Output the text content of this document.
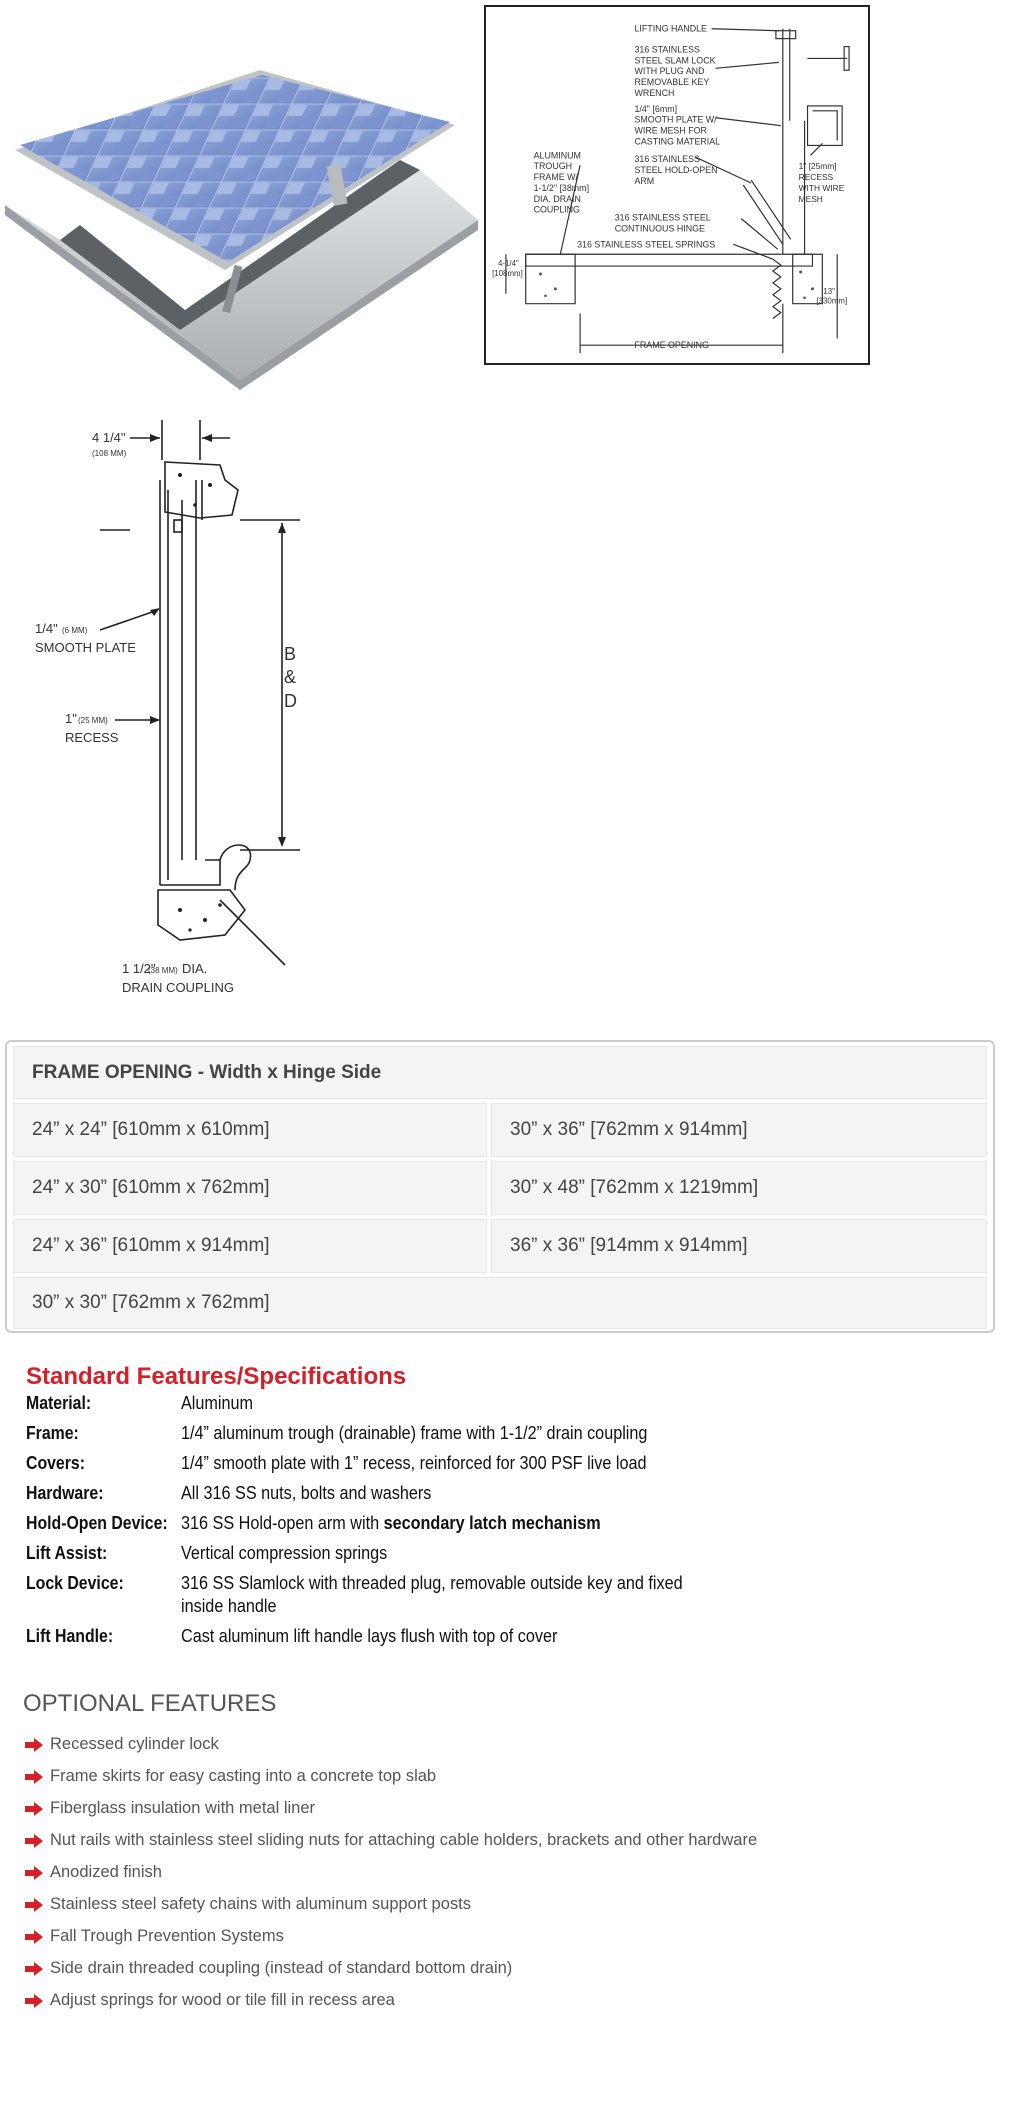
LIFTING HANDLE
316 STAINLESS
STEEL SLAM LOCK
WITH PLUG AND
REMOVABLE KEY
WRENCH
1/4" [6mm]
SMOOTH PLATE W/
WIRE MESH FOR
CASTING MATERIAL
316 STAINLESS
STEEL HOLD-OPEN
ARM
ALUMINUM
TROUGH
FRAME W/
1-1/2" [38mm]
DIA. DRAIN
COUPLING
316 STAINLESS STEEL
CONTINUOUS HINGE
316 STAINLESS STEEL SPRINGS
1" [25mm]
RECESS
WITH WIRE
MESH
4-1/4"
[108mm]
13"
[330mm]
FRAME OPENING
4 1/4"
(108 MM)
1/4" (6 MM)
SMOOTH PLATE
1" (25 MM)
RECESS
B
&
D
1 1/2"
(38 MM) DIA.
DRAIN COUPLING
FRAME OPENING - Width x Hinge Side
24” x 24” [610mm x 610mm]	30” x 36” [762mm x 914mm]
24” x 30” [610mm x 762mm]	30” x 48” [762mm x 1219mm]
24” x 36” [610mm x 914mm]	36” x 36” [914mm x 914mm]
30” x 30” [762mm x 762mm]
Standard Features/Specifications
Material:	Aluminum
Frame:	1/4” aluminum trough (drainable) frame with 1-1/2” drain coupling
Covers:	1/4” smooth plate with 1” recess, reinforced for 300 PSF live load
Hardware:	All 316 SS nuts, bolts and washers
Hold-Open Device: 316 SS Hold-open arm with secondary latch mechanism
Lift Assist:	Vertical compression springs
Lock Device:	316 SS Slamlock with threaded plug, removable outside key and fixed inside handle
Lift Handle:	Cast aluminum lift handle lays flush with top of cover
OPTIONAL FEATURES
Recessed cylinder lock
Frame skirts for easy casting into a concrete top slab
Fiberglass insulation with metal liner
Nut rails with stainless steel sliding nuts for attaching cable holders, brackets and other hardware
Anodized finish
Stainless steel safety chains with aluminum support posts
Fall Trough Prevention Systems
Side drain threaded coupling (instead of standard bottom drain)
Adjust springs for wood or tile fill in recess area
